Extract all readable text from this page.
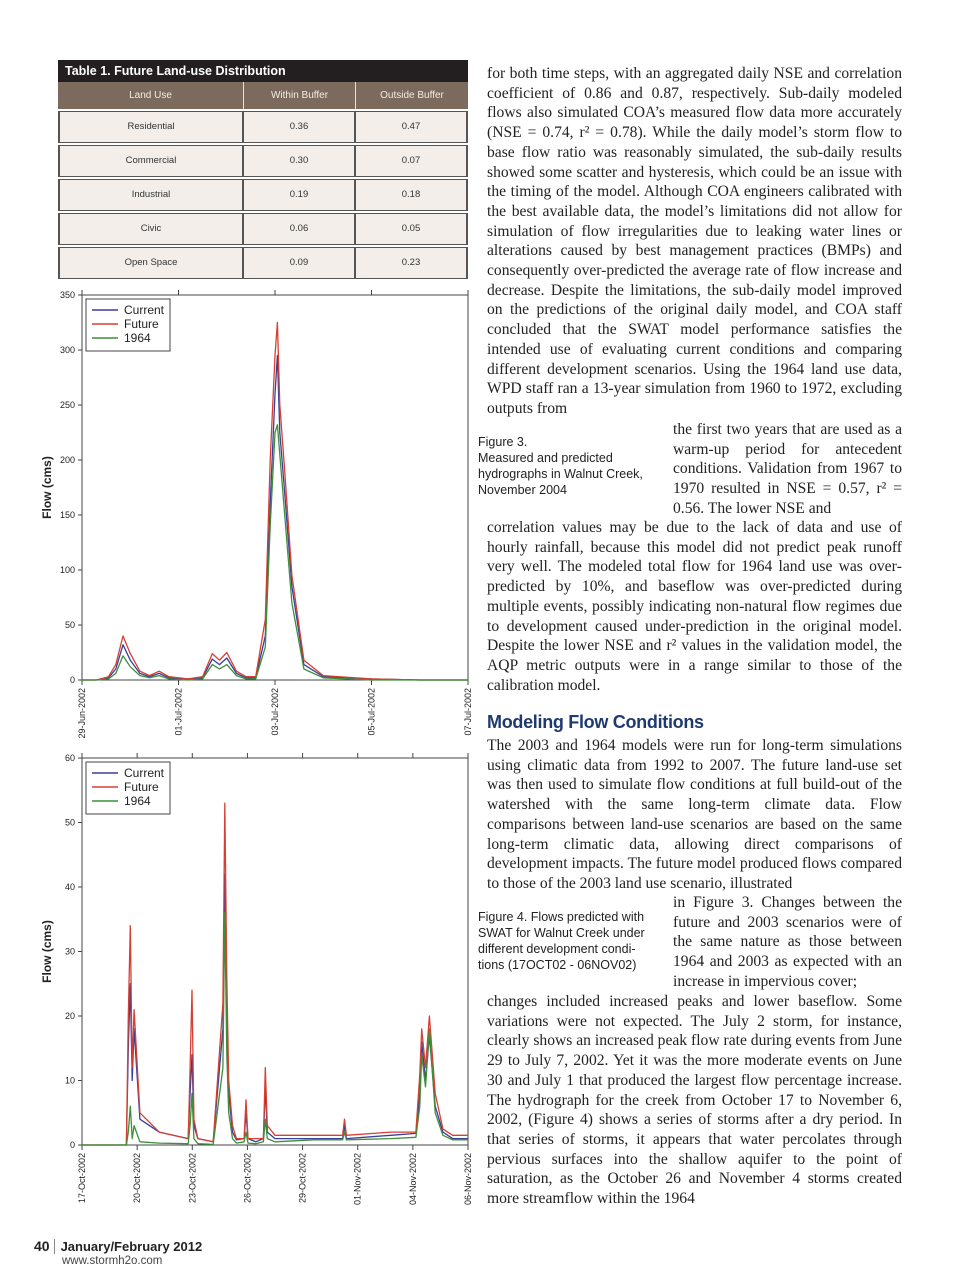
Table 1. Future Land-use Distribution
Land Use	Within Buffer	Outside Buffer
Residential	0.36	0.47
Commercial	0.30	0.07
Industrial	0.19	0.18
Civic	0.06	0.05
Open Space	0.09	0.23
0
50
100
150
200
250
300
350
Flow (cms)
29-Jun-2002	01-Jul-2002	03-Jul-2002	05-Jul-2002	07-Jul-2002
Current
Future
1964
0
10
20
30
40
50
60
Flow (cms)
17-Oct-2002	20-Oct-2002	23-Oct-2002	26-Oct-2002	29-Oct-2002	01-Nov-2002	04-Nov-2002	06-Nov-2002
Current
Future
1964
Figure 3.
Measured and predicted
hydrographs in Walnut Creek,
November 2004
Figure 4. Flows predicted with
SWAT for Walnut Creek under
different development condi-
tions (17OCT02 - 06NOV02)

for both time steps, with an aggregated daily NSE and correlation coefficient of 0.86 and 0.87, respectively. Sub-daily modeled flows also simulated COA’s measured flow data more accurately (NSE = 0.74, r² = 0.78). While the daily model’s storm flow to base flow ratio was reasonably simulated, the sub-daily results showed some scatter and hysteresis, which could be an issue with the timing of the model. Although COA engineers calibrated with the best available data, the model’s limitations did not allow for simulation of flow irregularities due to leaking water lines or alterations caused by best management practices (BMPs) and consequently over-predicted the average rate of flow increase and decrease. Despite the limitations, the sub-daily model improved on the predictions of the original daily model, and COA staff concluded that the SWAT model performance satisfies the intended use of evaluating current conditions and comparing different development scenarios. Using the 1964 land use data, WPD staff ran a 13-year simulation from 1960 to 1972, excluding outputs from

the first two years that are used as a warm-up period for antecedent conditions. Validation from 1967 to 1970 resulted in NSE = 0.57, r² = 0.56. The lower NSE and

correlation values may be due to the lack of data and use of hourly rainfall, because this model did not predict peak runoff very well. The modeled total flow for 1964 land use was overpredicted by 10%, and baseflow was over-predicted during multiple events, possibly indicating non-natural flow regimes due to development caused under-prediction in the original model. Despite the lower NSE and r² values in the validation model, the AQP metric outputs were in a range similar to those of the calibration model.

Modeling Flow Conditions

The 2003 and 1964 models were run for long-term simulations using climatic data from 1992 to 2007. The future land-use set was then used to simulate flow conditions at full build-out of the watershed with the same long-term climate data. Flow comparisons between land-use scenarios are based on the same long-term climatic data, allowing direct comparisons of development impacts. The future model produced flows compared to those of the 2003 land use scenario, illustrated

in Figure 3. Changes between the future and 2003 scenarios were of the same nature as those between 1964 and 2003 as expected with an increase in impervious cover;

changes included increased peaks and lower baseflow. Some variations were not expected. The July 2 storm, for instance, clearly shows an increased peak flow rate during events from June 29 to July 7, 2002. Yet it was the more moderate events on June 30 and July 1 that produced the largest flow percentage increase. The hydrograph for the creek from October 17 to November 6, 2002, (Figure 4) shows a series of storms after a dry period. In that series of storms, it appears that water percolates through pervious surfaces into the shallow aquifer to the point of saturation, as the October 26 and November 4 storms created more streamflow within the 1964

40 January/February 2012
www.stormh2o.com
